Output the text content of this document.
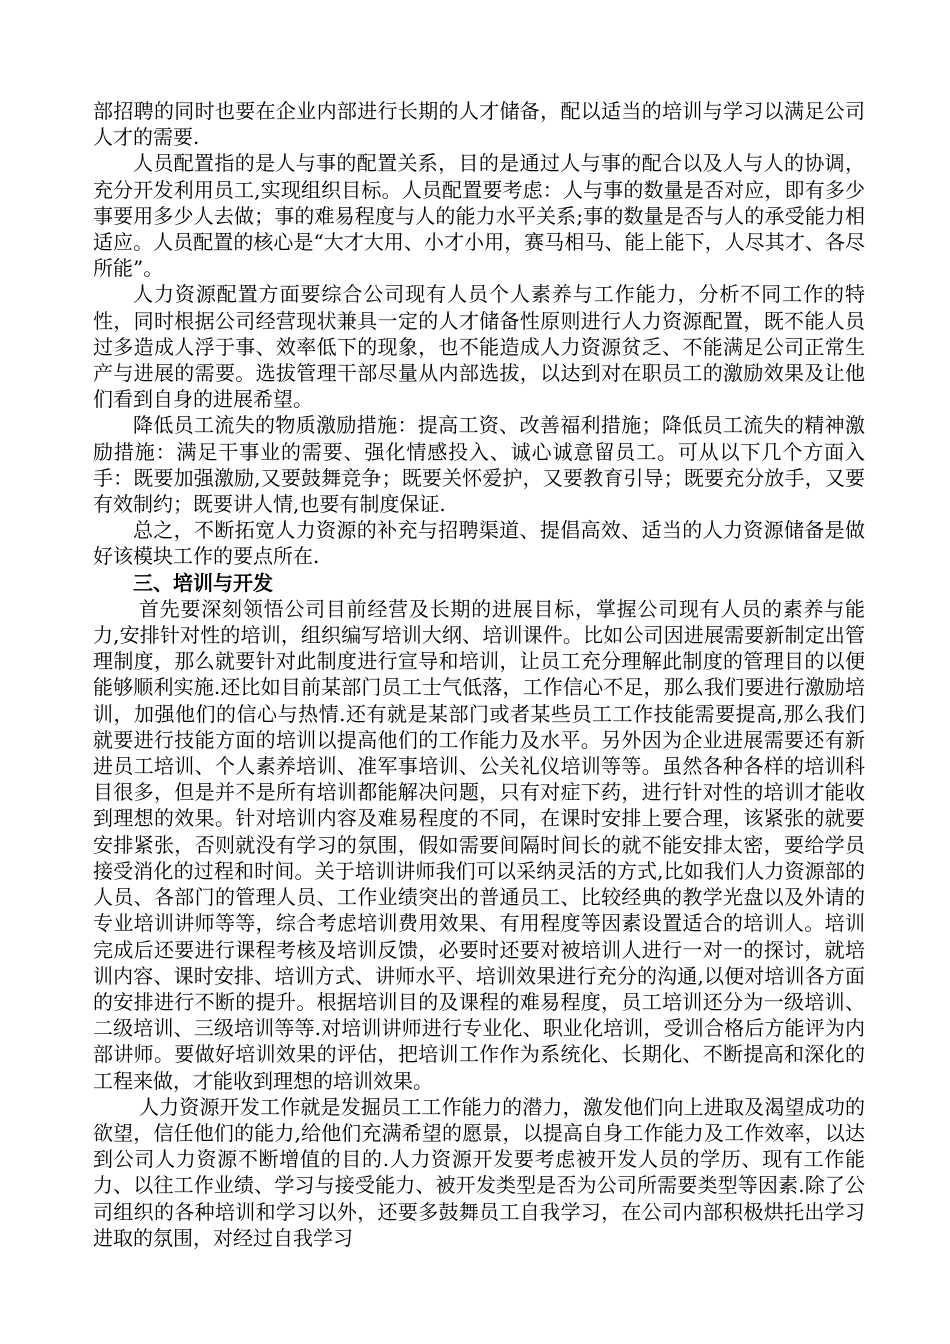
部招聘的同时也要在企业内部进行长期的人才储备，配以适当的培训与学习以满足公司人才的需要.

人员配置指的是人与事的配置关系，目的是通过人与事的配合以及人与人的协调，充分开发利用员工,实现组织目标。人员配置要考虑：人与事的数量是否对应，即有多少事要用多少人去做；事的难易程度与人的能力水平关系;事的数量是否与人的承受能力相适应。人员配置的核心是“大才大用、小才小用，赛马相马、能上能下，人尽其才、各尽所能”。

人力资源配置方面要综合公司现有人员个人素养与工作能力，分析不同工作的特性，同时根据公司经营现状兼具一定的人才储备性原则进行人力资源配置，既不能人员过多造成人浮于事、效率低下的现象，也不能造成人力资源贫乏、不能满足公司正常生产与进展的需要。选拔管理干部尽量从内部选拔，以达到对在职员工的激励效果及让他们看到自身的进展希望。

降低员工流失的物质激励措施：提高工资、改善福利措施；降低员工流失的精神激励措施：满足干事业的需要、强化情感投入、诚心诚意留员工。可从以下几个方面入手：既要加强激励,又要鼓舞竞争；既要关怀爱护，又要教育引导；既要充分放手，又要有效制约；既要讲人情,也要有制度保证.

总之，不断拓宽人力资源的补充与招聘渠道、提倡高效、适当的人力资源储备是做好该模块工作的要点所在.

三、培训与开发

首先要深刻领悟公司目前经营及长期的进展目标，掌握公司现有人员的素养与能力,安排针对性的培训，组织编写培训大纲、培训课件。比如公司因进展需要新制定出管理制度，那么就要针对此制度进行宣导和培训，让员工充分理解此制度的管理目的以便能够顺利实施.还比如目前某部门员工士气低落，工作信心不足，那么我们要进行激励培训，加强他们的信心与热情.还有就是某部门或者某些员工工作技能需要提高,那么我们就要进行技能方面的培训以提高他们的工作能力及水平。另外因为企业进展需要还有新进员工培训、个人素养培训、准军事培训、公关礼仪培训等等。虽然各种各样的培训科目很多，但是并不是所有培训都能解决问题，只有对症下药，进行针对性的培训才能收到理想的效果。针对培训内容及难易程度的不同，在课时安排上要合理，该紧张的就要安排紧张，否则就没有学习的氛围，假如需要间隔时间长的就不能安排太密，要给学员接受消化的过程和时间。关于培训讲师我们可以采纳灵活的方式,比如我们人力资源部的人员、各部门的管理人员、工作业绩突出的普通员工、比较经典的教学光盘以及外请的专业培训讲师等等，综合考虑培训费用效果、有用程度等因素设置适合的培训人。培训完成后还要进行课程考核及培训反馈，必要时还要对被培训人进行一对一的探讨，就培训内容、课时安排、培训方式、讲师水平、培训效果进行充分的沟通,以便对培训各方面的安排进行不断的提升。根据培训目的及课程的难易程度，员工培训还分为一级培训、二级培训、三级培训等等.对培训讲师进行专业化、职业化培训，受训合格后方能评为内部讲师。要做好培训效果的评估，把培训工作作为系统化、长期化、不断提高和深化的工程来做，才能收到理想的培训效果。

人力资源开发工作就是发掘员工工作能力的潜力，激发他们向上进取及渴望成功的欲望，信任他们的能力,给他们充满希望的愿景，以提高自身工作能力及工作效率，以达到公司人力资源不断增值的目的.人力资源开发要考虑被开发人员的学历、现有工作能力、以往工作业绩、学习与接受能力、被开发类型是否为公司所需要类型等因素.除了公司组织的各种培训和学习以外，还要多鼓舞员工自我学习，在公司内部积极烘托出学习进取的氛围，对经过自我学习
